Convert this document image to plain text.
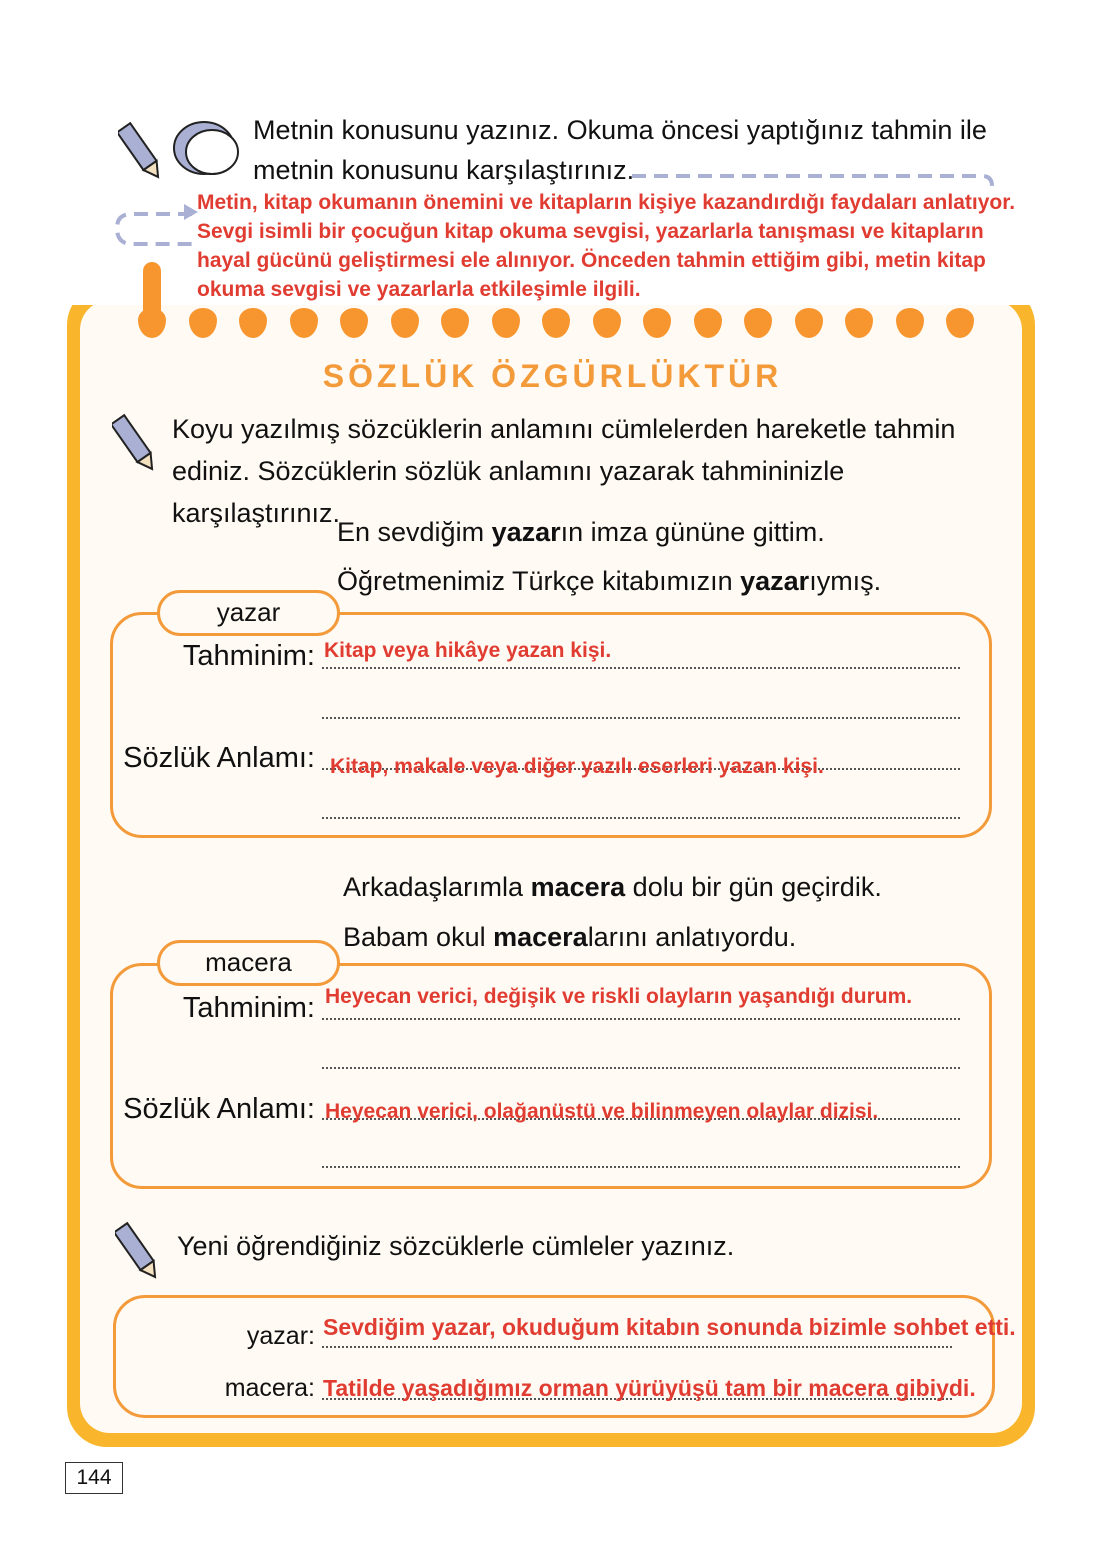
Metnin konusunu yazınız. Okuma öncesi yaptığınız tahmin ile metnin konusunu karşılaştırınız.
Metin, kitap okumanın önemini ve kitapların kişiye kazandırdığı faydaları anlatıyor. Sevgi isimli bir çocuğun kitap okuma sevgisi, yazarlarla tanışması ve kitapların hayal gücünü geliştirmesi ele alınıyor. Önceden tahmin ettiğim gibi, metin kitap okuma sevgisi ve yazarlarla etkileşimle ilgili.
SÖZLÜK ÖZGÜRLÜKTÜR
Koyu yazılmış sözcüklerin anlamını cümlelerden hareketle tahmin ediniz. Sözcüklerin sözlük anlamını yazarak tahmininizle karşılaştırınız.
En sevdiğim yazarın imza gününe gittim.
Öğretmenimiz Türkçe kitabımızın yazarıymış.
yazar
Tahminim: Kitap veya hikâye yazan kişi.
Sözlük Anlamı: Kitap, makale veya diğer yazılı eserleri yazan kişi.
Arkadaşlarımla macera dolu bir gün geçirdik.
Babam okul maceralarını anlatıyordu.
macera
Tahminim: Heyecan verici, değişik ve riskli olayların yaşandığı durum.
Sözlük Anlamı: Heyecan verici, olağanüstü ve bilinmeyen olaylar dizisi.
Yeni öğrendiğiniz sözcüklerle cümleler yazınız.
yazar: Sevdiğim yazar, okuduğum kitabın sonunda bizimle sohbet etti.
macera: Tatilde yaşadığımız orman yürüyüşü tam bir macera gibiydi.
144
